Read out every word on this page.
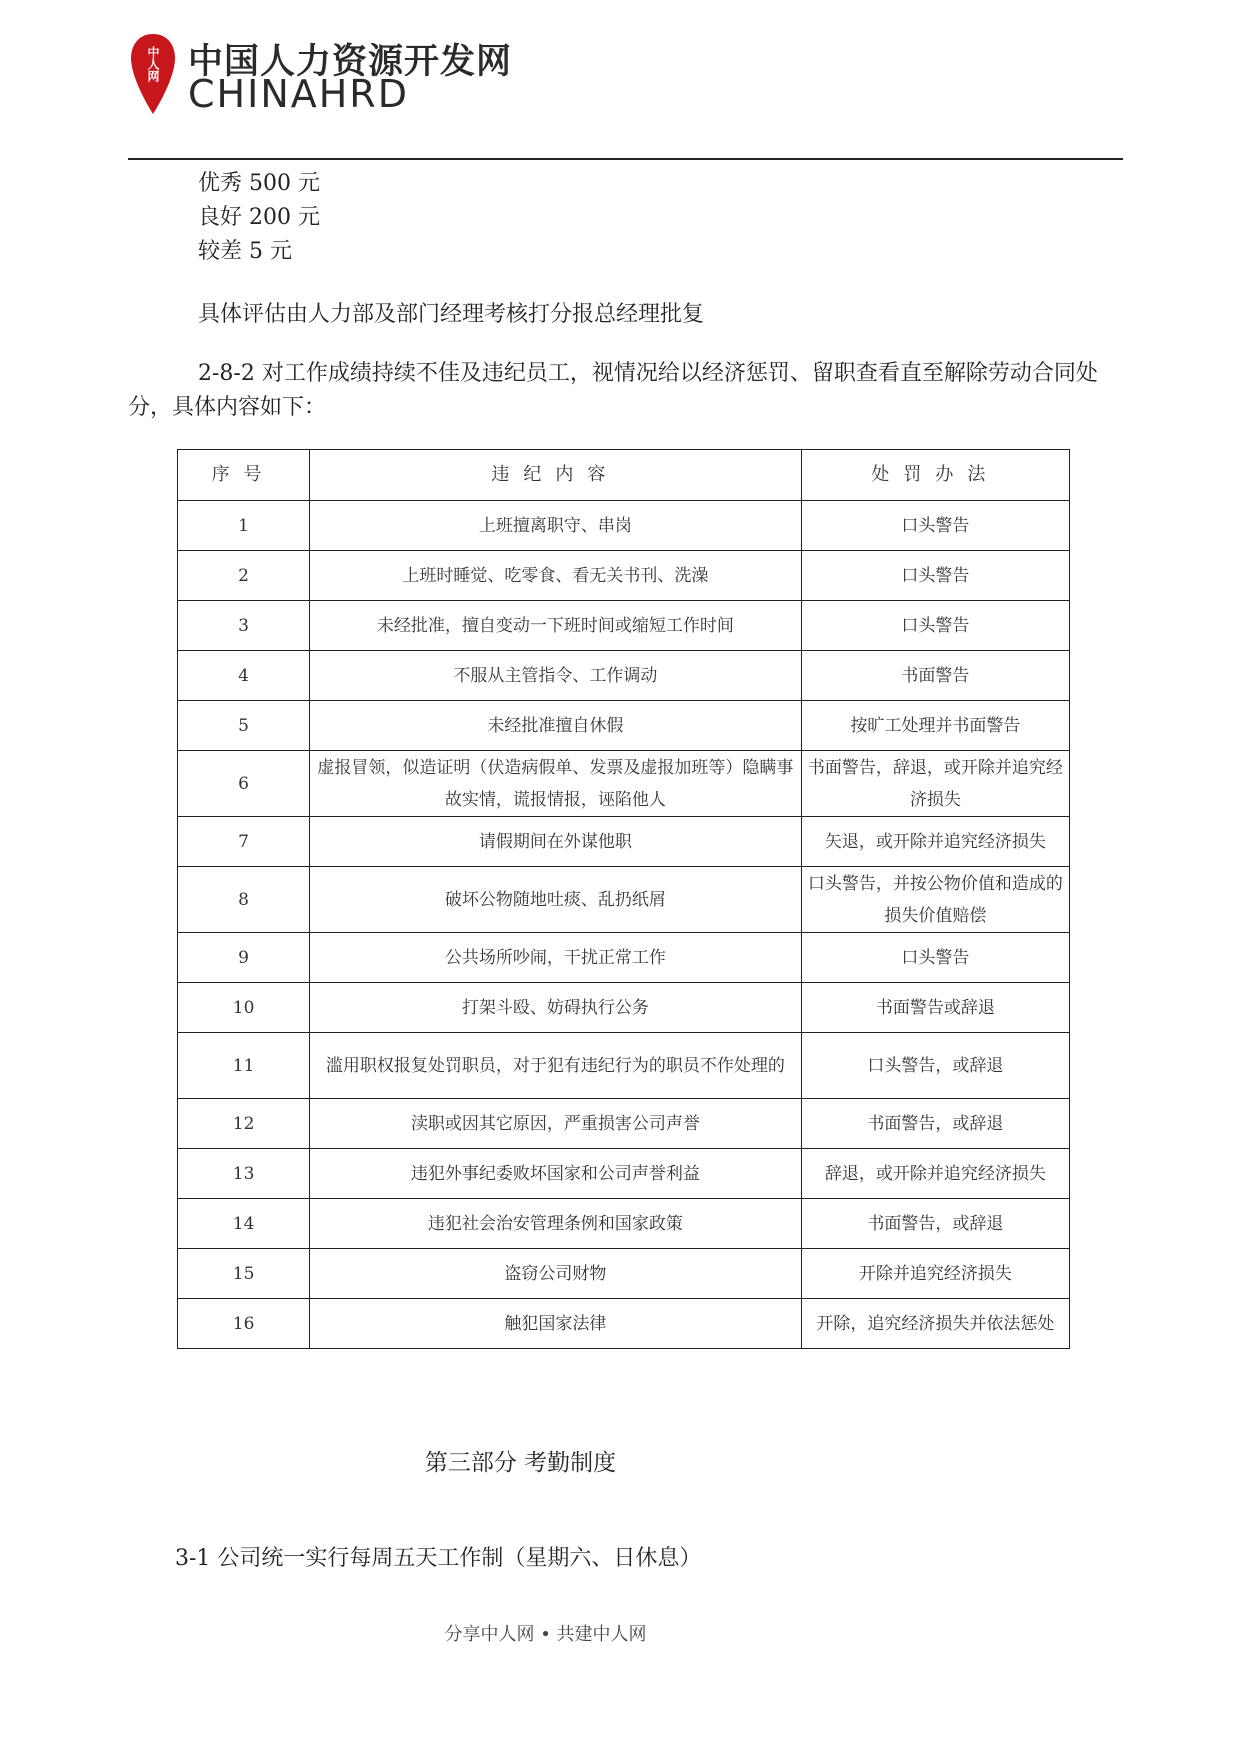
中人网 中国人力资源开发网
CHINAHRD
优秀 500 元
良好 200 元
较差 5 元
具体评估由人力部及部门经理考核打分报总经理批复
2-8-2 对工作成绩持续不佳及违纪员工，视情况给以经济惩罚、留职查看直至解除劳动合同处分，具体内容如下：
序号	违纪内容	处罚办法
1	上班擅离职守、串岗	口头警告
2	上班时睡觉、吃零食、看无关书刊、洗澡	口头警告
3	未经批准，擅自变动一下班时间或缩短工作时间	口头警告
4	不服从主管指令、工作调动	书面警告
5	未经批准擅自休假	按旷工处理并书面警告
6	虚报冒领，似造证明（伏造病假单、发票及虚报加班等）隐瞒事故实情，谎报情报，诬陷他人	书面警告，辞退，或开除并追究经济损失
7	请假期间在外谋他职	矢退，或开除并追究经济损失
8	破坏公物随地吐痰、乱扔纸屑	口头警告，并按公物价值和造成的损失价值赔偿
9	公共场所吵闹，干扰正常工作	口头警告
10	打架斗殴、妨碍执行公务	书面警告或辞退
11	滥用职权报复处罚职员，对于犯有违纪行为的职员不作处理的	口头警告，或辞退
12	渎职或因其它原因，严重损害公司声誉	书面警告，或辞退
13	违犯外事纪委败坏国家和公司声誉利益	辞退，或开除并追究经济损失
14	违犯社会治安管理条例和国家政策	书面警告，或辞退
15	盗窃公司财物	开除并追究经济损失
16	触犯国家法律	开除，追究经济损失并依法惩处
第三部分 考勤制度
3-1 公司统一实行每周五天工作制（星期六、日休息）
分享中人网 • 共建中人网
